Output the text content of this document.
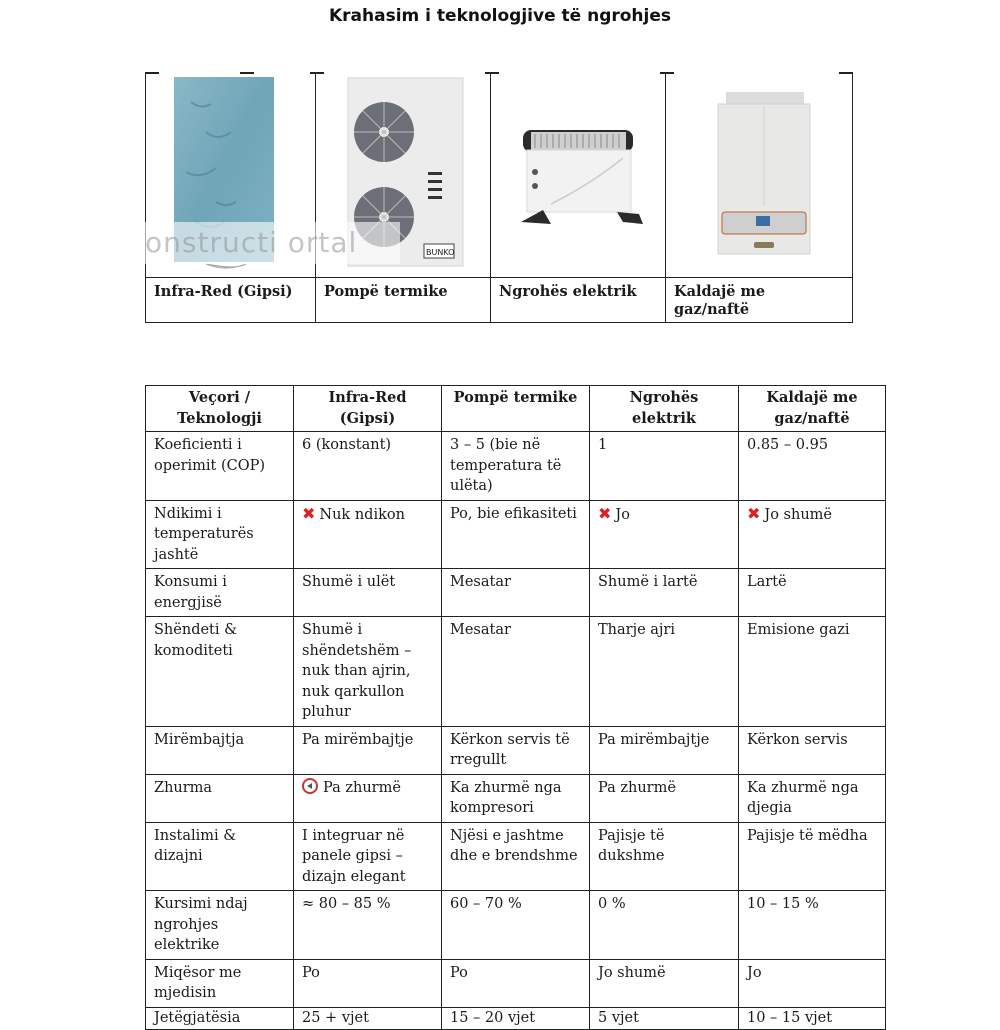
Krahasim i teknologjive të ngrohjes
Infra-Red (Gipsi)
BUNKO
Pompë termike	Ngrohës elektrik	Kaldajë me gaz/naftë
onstructi ortal
Veçori / Teknologji	Infra-Red (Gipsi)	Pompë termike	Ngrohës elektrik	Kaldajë me gaz/naftë
Koeficienti i operimit (COP)	6 (konstant)	3 – 5 (bie në temperatura të ulëta)	1	0.85 – 0.95
Ndikimi i temperaturës jashtë	✖ Nuk ndikon	Po, bie efikasiteti	✖ Jo	✖ Jo shumë
Konsumi i energjisë	Shumë i ulët	Mesatar	Shumë i lartë	Lartë
Shëndeti & komoditeti	Shumë i shëndetshëm – nuk than ajrin, nuk qarkullon pluhur	Mesatar	Tharje ajri	Emisione gazi
Mirëmbajtja	Pa mirëmbajtje	Kërkon servis të rregullt	Pa mirëmbajtje	Kërkon servis
Zhurma	Pa zhurmë	Ka zhurmë nga kompresori	Pa zhurmë	Ka zhurmë nga djegia
Instalimi & dizajni	I integruar në panele gipsi – dizajn elegant	Njësi e jashtme dhe e brendshme	Pajisje të dukshme	Pajisje të mëdha
Kursimi ndaj ngrohjes elektrike	≈ 80 – 85 %	60 – 70 %	0 %	10 – 15 %
Miqësor me mjedisin	Po	Po	Jo shumë	Jo
Jetëgjatësia	25 + vjet	15 – 20 vjet	5 vjet	10 – 15 vjet
